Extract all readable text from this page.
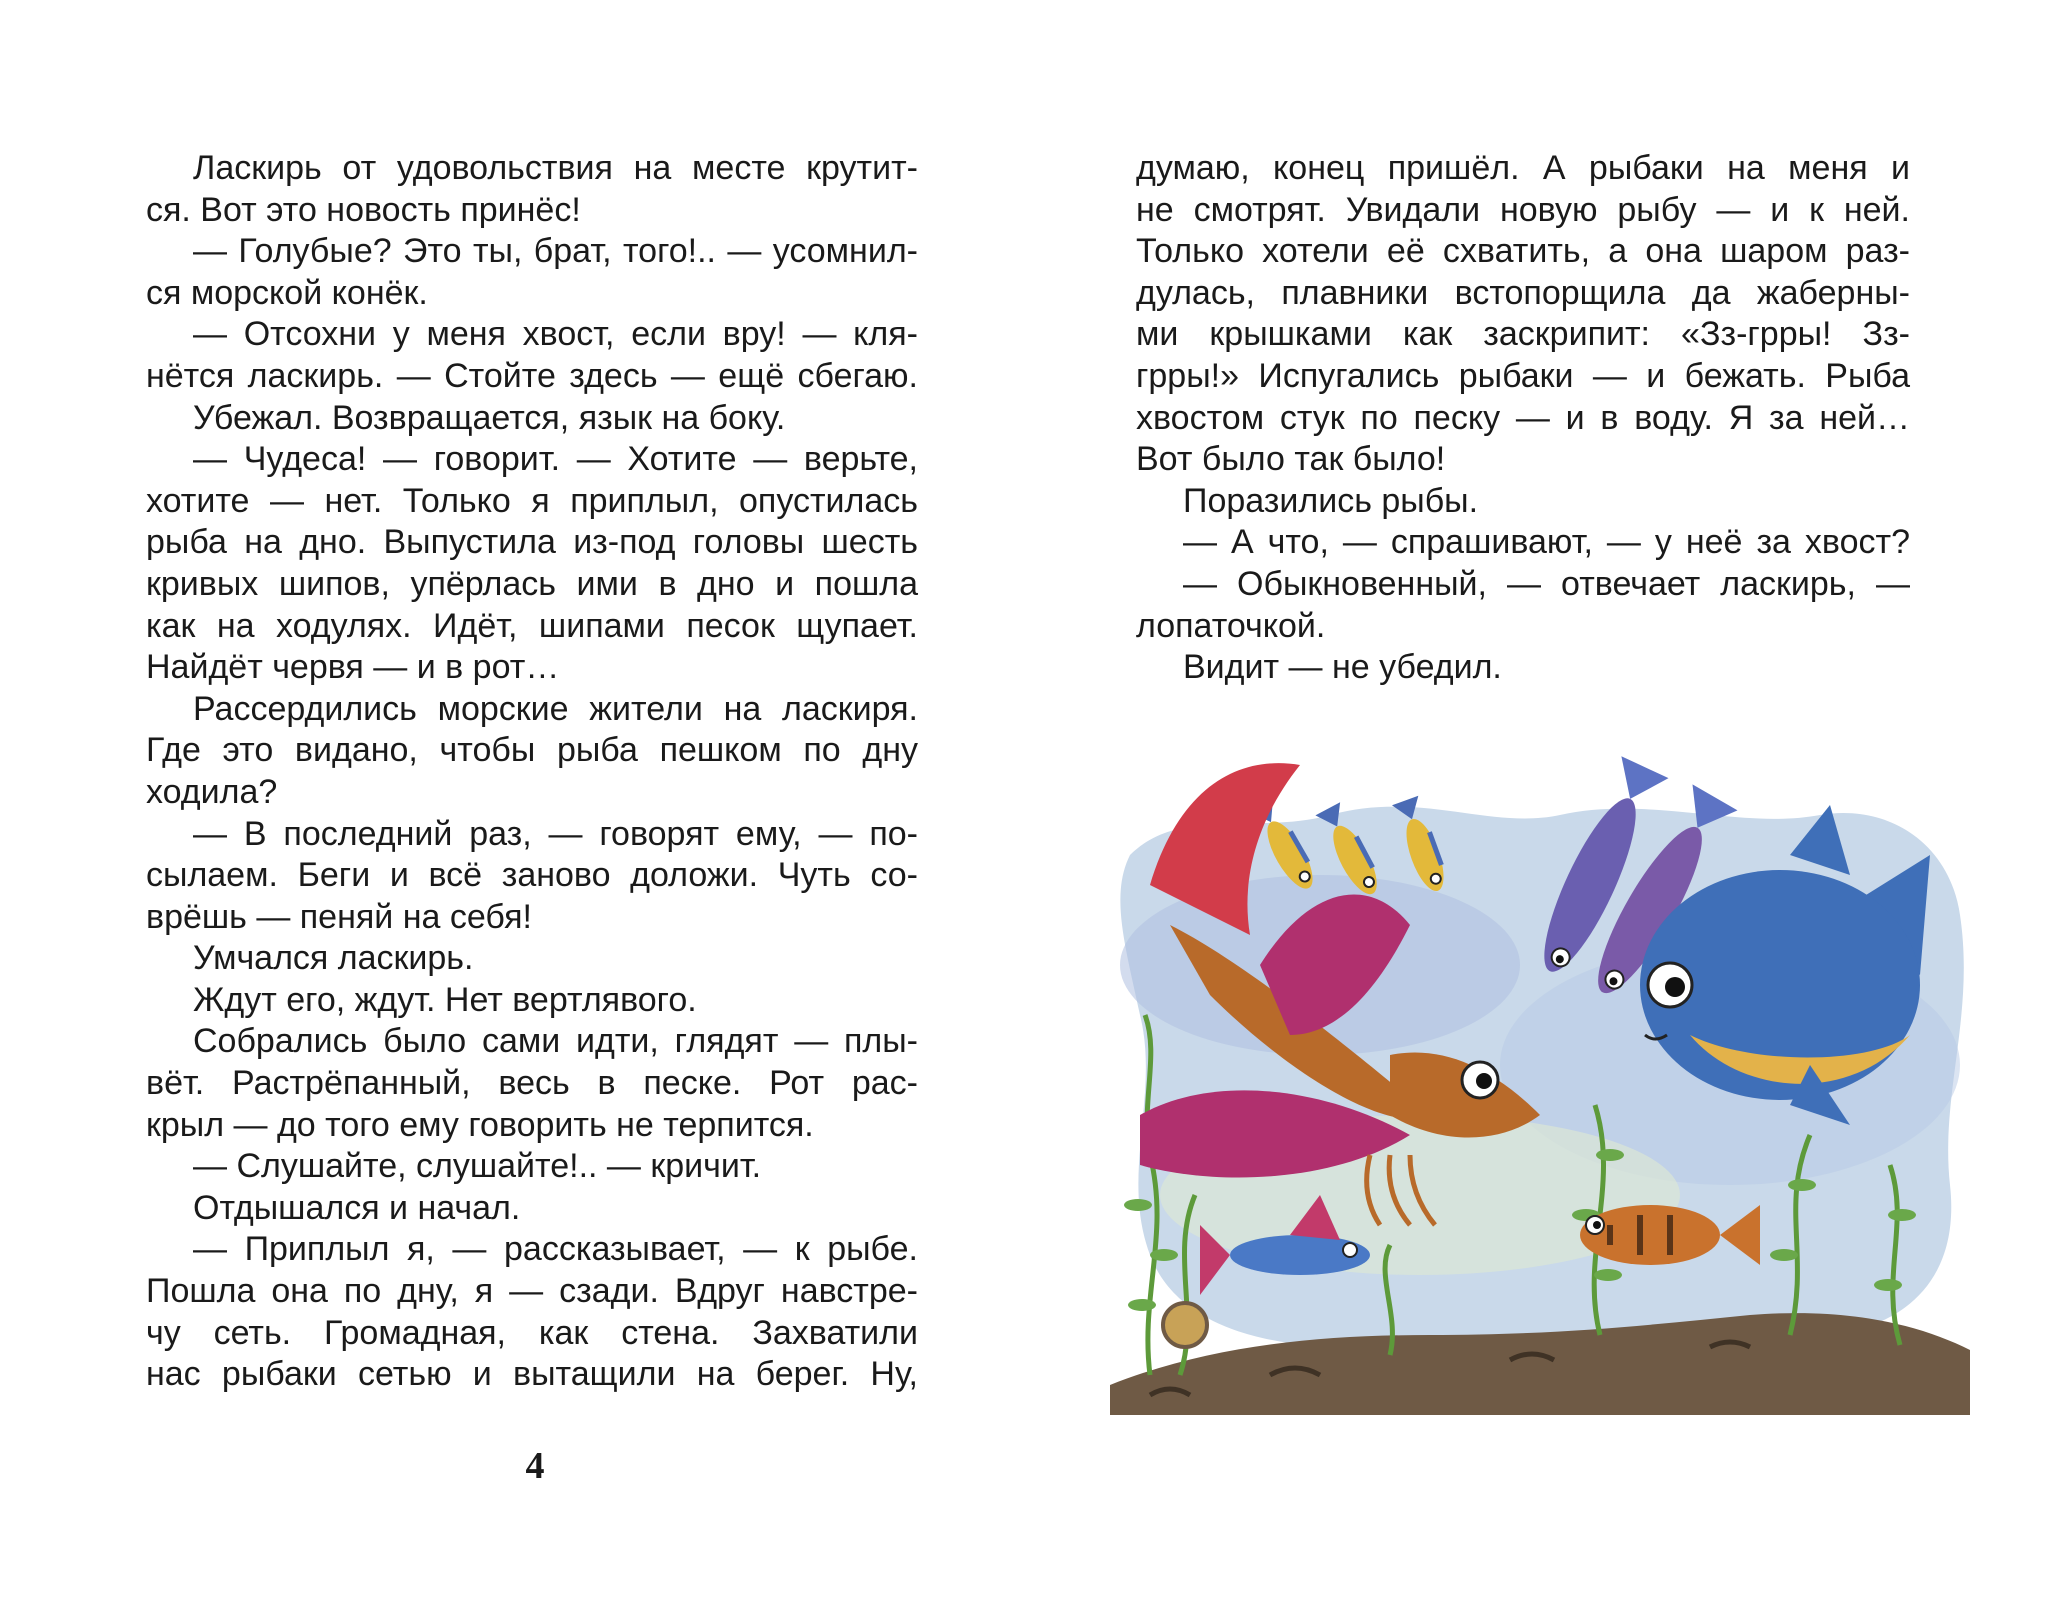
Ласкирь от удовольствия на месте крутит-
ся. Вот это новость принёс!
— Голубые? Это ты, брат, того!.. — усомнил-
ся морской конёк.
— Отсохни у меня хвост, если вру! — кля-
нётся ласкирь. — Стойте здесь — ещё сбегаю.
Убежал. Возвращается, язык на боку.
— Чудеса! — говорит. — Хотите — верьте,
хотите — нет. Только я приплыл, опустилась
рыба на дно. Выпустила из-под головы шесть
кривых шипов, упёрлась ими в дно и пошла
как на ходулях. Идёт, шипами песок щупает.
Найдёт червя — и в рот…
Рассердились морские жители на ласкиря.
Где это видано, чтобы рыба пешком по дну
ходила?
— В последний раз, — говорят ему, — по-
сылаем. Беги и всё заново доложи. Чуть со-
врёшь — пеняй на себя!
Умчался ласкирь.
Ждут его, ждут. Нет вертлявого.
Собрались было сами идти, глядят — плы-
вёт. Растрёпанный, весь в песке. Рот рас-
крыл — до того ему говорить не терпится.
— Слушайте, слушайте!.. — кричит.
Отдышался и начал.
— Приплыл я, — рассказывает, — к рыбе.
Пошла она по дну, я — сзади. Вдруг навстре-
чу сеть. Громадная, как стена. Захватили
нас рыбаки сетью и вытащили на берег. Ну,
4
думаю, конец пришёл. А рыбаки на меня и
не смотрят. Увидали новую рыбу — и к ней.
Только хотели её схватить, а она шаром раз-
дулась, плавники встопорщила да жаберны-
ми крышками как заскрипит: «Зз-грры! Зз-
грры!» Испугались рыбаки — и бежать. Рыба
хвостом стук по песку — и в воду. Я за ней…
Вот было так было!
Поразились рыбы.
— А что, — спрашивают, — у неё за хвост?
— Обыкновенный, — отвечает ласкирь, —
лопаточкой.
Видит — не убедил.
